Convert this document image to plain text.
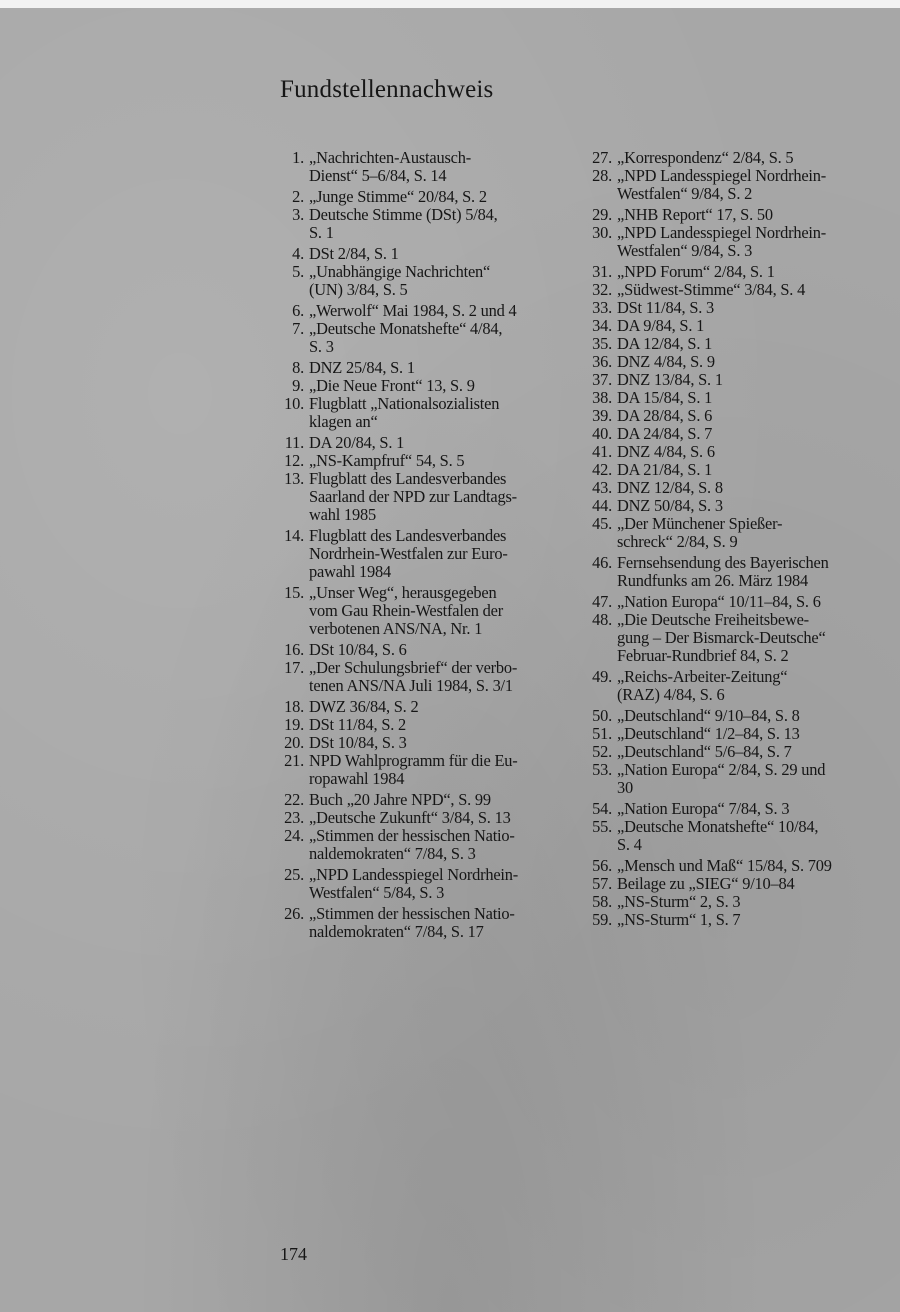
Fundstellennachweis
1. „Nachrichten-Austausch-
Dienst“ 5–6/84, S. 14
2. „Junge Stimme“ 20/84, S. 2
3. Deutsche Stimme (DSt) 5/84,
S. 1
4. DSt 2/84, S. 1
5. „Unabhängige Nachrichten“
(UN) 3/84, S. 5
6. „Werwolf“ Mai 1984, S. 2 und 4
7. „Deutsche Monatshefte“ 4/84,
S. 3
8. DNZ 25/84, S. 1
9. „Die Neue Front“ 13, S. 9
10. Flugblatt „Nationalsozialisten
klagen an“
11. DA 20/84, S. 1
12. „NS-Kampfruf“ 54, S. 5
13. Flugblatt des Landesverbandes
Saarland der NPD zur Landtags-
wahl 1985
14. Flugblatt des Landesverbandes
Nordrhein-Westfalen zur Euro-
pawahl 1984
15. „Unser Weg“, herausgegeben
vom Gau Rhein-Westfalen der
verbotenen ANS/NA, Nr. 1
16. DSt 10/84, S. 6
17. „Der Schulungsbrief“ der verbo-
tenen ANS/NA Juli 1984, S. 3/1
18. DWZ 36/84, S. 2
19. DSt 11/84, S. 2
20. DSt 10/84, S. 3
21. NPD Wahlprogramm für die Eu-
ropawahl 1984
22. Buch „20 Jahre NPD“, S. 99
23. „Deutsche Zukunft“ 3/84, S. 13
24. „Stimmen der hessischen Natio-
naldemokraten“ 7/84, S. 3
25. „NPD Landesspiegel Nordrhein-
Westfalen“ 5/84, S. 3
26. „Stimmen der hessischen Natio-
naldemokraten“ 7/84, S. 17
27. „Korrespondenz“ 2/84, S. 5
28. „NPD Landesspiegel Nordrhein-
Westfalen“ 9/84, S. 2
29. „NHB Report“ 17, S. 50
30. „NPD Landesspiegel Nordrhein-
Westfalen“ 9/84, S. 3
31. „NPD Forum“ 2/84, S. 1
32. „Südwest-Stimme“ 3/84, S. 4
33. DSt 11/84, S. 3
34. DA 9/84, S. 1
35. DA 12/84, S. 1
36. DNZ 4/84, S. 9
37. DNZ 13/84, S. 1
38. DA 15/84, S. 1
39. DA 28/84, S. 6
40. DA 24/84, S. 7
41. DNZ 4/84, S. 6
42. DA 21/84, S. 1
43. DNZ 12/84, S. 8
44. DNZ 50/84, S. 3
45. „Der Münchener Spießer-
schreck“ 2/84, S. 9
46. Fernsehsendung des Bayerischen
Rundfunks am 26. März 1984
47. „Nation Europa“ 10/11–84, S. 6
48. „Die Deutsche Freiheitsbewe-
gung – Der Bismarck-Deutsche“
Februar-Rundbrief 84, S. 2
49. „Reichs-Arbeiter-Zeitung“
(RAZ) 4/84, S. 6
50. „Deutschland“ 9/10–84, S. 8
51. „Deutschland“ 1/2–84, S. 13
52. „Deutschland“ 5/6–84, S. 7
53. „Nation Europa“ 2/84, S. 29 und
30
54. „Nation Europa“ 7/84, S. 3
55. „Deutsche Monatshefte“ 10/84,
S. 4
56. „Mensch und Maß“ 15/84, S. 709
57. Beilage zu „SIEG“ 9/10–84
58. „NS-Sturm“ 2, S. 3
59. „NS-Sturm“ 1, S. 7
174
